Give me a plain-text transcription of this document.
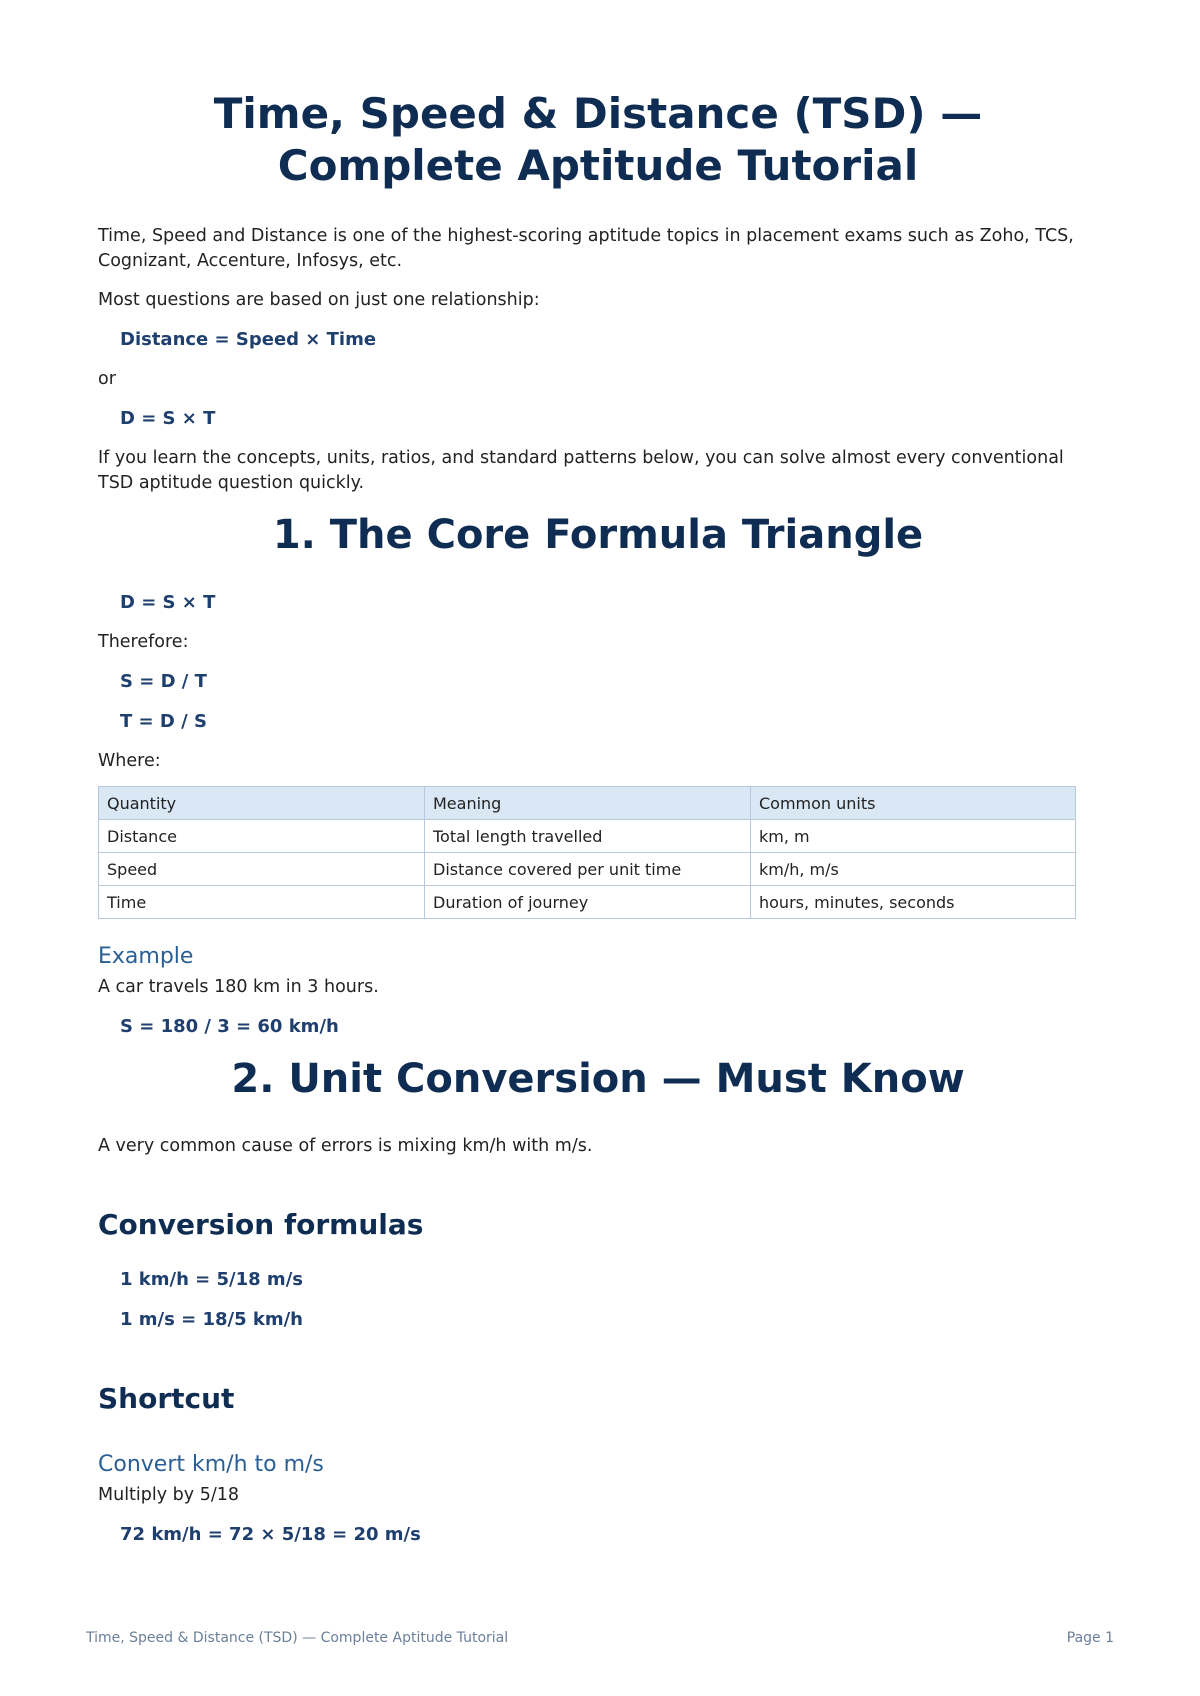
Time, Speed & Distance (TSD) — Complete Aptitude Tutorial

Time, Speed and Distance is one of the highest-scoring aptitude topics in placement exams such as Zoho, TCS, Cognizant, Accenture, Infosys, etc.

Most questions are based on just one relationship:

Distance = Speed × Time

or

D = S × T

If you learn the concepts, units, ratios, and standard patterns below, you can solve almost every conventional TSD aptitude question quickly.

1. The Core Formula Triangle
D = S × T

Therefore:

S = D / T
T = D / S

Where:

Quantity	Meaning	Common units
Distance	Total length travelled	km, m
Speed	Distance covered per unit time	km/h, m/s
Time	Duration of journey	hours, minutes, seconds
Example

A car travels 180 km in 3 hours.

S = 180 / 3 = 60 km/h
2. Unit Conversion — Must Know

A very common cause of errors is mixing km/h with m/s.

Conversion formulas
1 km/h = 5/18 m/s
1 m/s = 18/5 km/h
Shortcut
Convert km/h to m/s

Multiply by 5/18

72 km/h = 72 × 5/18 = 20 m/s
Time, Speed & Distance (TSD) — Complete Aptitude Tutorial	Page 1
